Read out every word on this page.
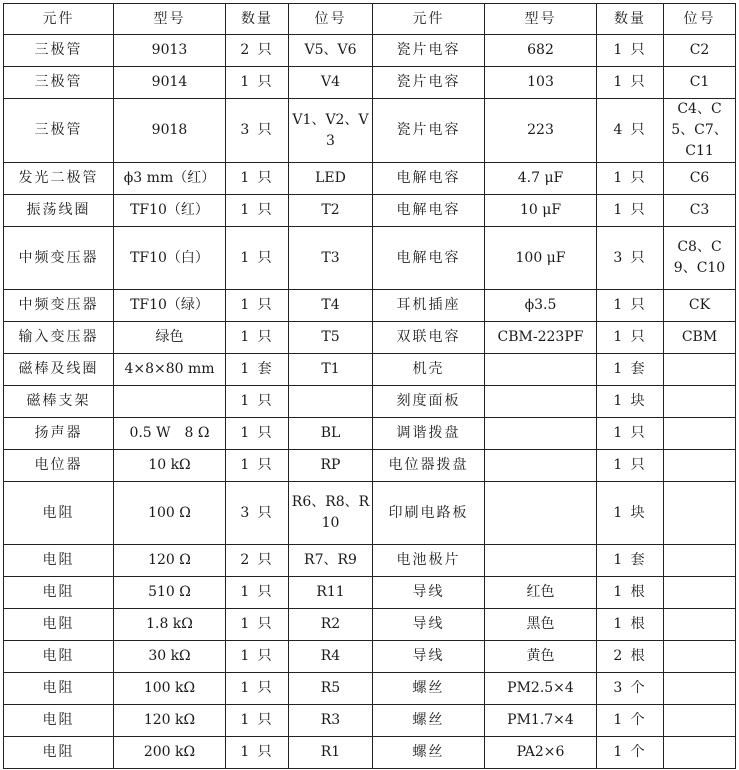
元件	型号	数量	位号	元件	型号	数量	位号
三极管	9013	2 只	V5、V6	瓷片电容	682	1 只	C2
三极管	9014	1 只	V4	瓷片电容	103	1 只	C1
三极管	9018	3 只	V1、V2、V3	瓷片电容	223	4 只	C4、C5、C7、C11
发光二极管	ϕ3 mm（红）	1 只	LED	电解电容	4.7 μF	1 只	C6
振荡线圈	TF10（红）	1 只	T2	电解电容	10 μF	1 只	C3
中频变压器	TF10（白）	1 只	T3	电解电容	100 μF	3 只	C8、C9、C10
中频变压器	TF10（绿）	1 只	T4	耳机插座	ϕ3.5	1 只	CK
输入变压器	绿色	1 只	T5	双联电容	CBM-223PF	1 只	CBM
磁棒及线圈	4×8×80 mm	1 套	T1	机壳		1 套	
磁棒支架		1 只		刻度面板		1 块	
扬声器	0.5 W　8 Ω	1 只	BL	调谐拨盘		1 只	
电位器	10 kΩ	1 只	RP	电位器拨盘		1 只	
电阻	100 Ω	3 只	R6、R8、R10	印刷电路板		1 块	
电阻	120 Ω	2 只	R7、R9	电池极片		1 套	
电阻	510 Ω	1 只	R11	导线	红色	1 根	
电阻	1.8 kΩ	1 只	R2	导线	黑色	1 根	
电阻	30 kΩ	1 只	R4	导线	黄色	2 根	
电阻	100 kΩ	1 只	R5	螺丝	PM2.5×4	3 个	
电阻	120 kΩ	1 只	R3	螺丝	PM1.7×4	1 个	
电阻	200 kΩ	1 只	R1	螺丝	PA2×6	1 个	
